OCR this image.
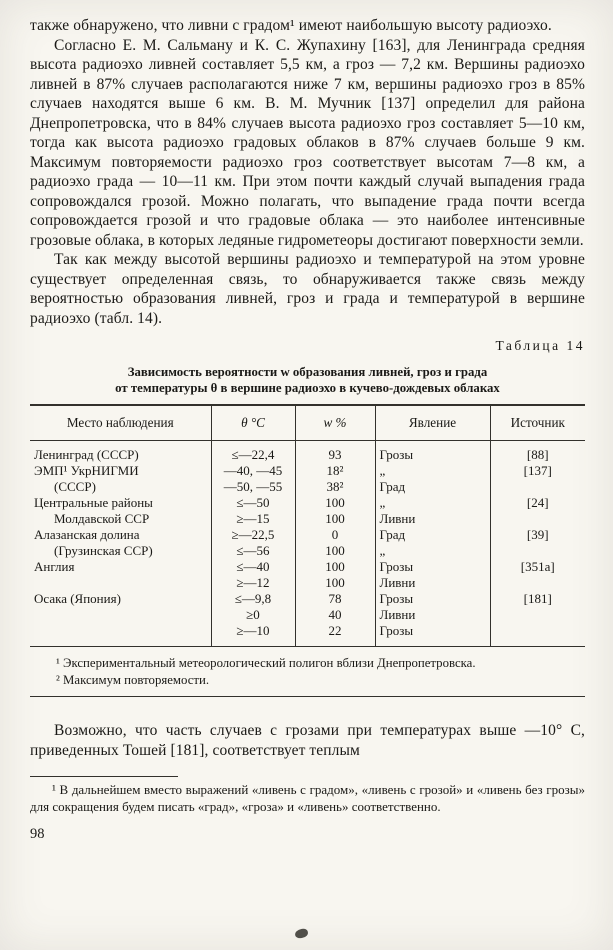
также обнаружено, что ливни с градом¹ имеют наибольшую высоту радиоэхо.

Согласно Е. М. Сальману и К. С. Жупахину [163], для Ленинграда средняя высота радиоэхо ливней составляет 5,5 км, а гроз — 7,2 км. Вершины радиоэхо ливней в 87% случаев располагаются ниже 7 км, вершины радиоэхо гроз в 85% случаев находятся выше 6 км. В. М. Мучник [137] определил для района Днепропетровска, что в 84% случаев высота радиоэхо гроз составляет 5—10 км, тогда как высота радиоэхо градовых облаков в 87% случаев больше 9 км. Максимум повторяемости радиоэхо гроз соответствует высотам 7—8 км, а радиоэхо града — 10—11 км. При этом почти каждый случай выпадения града сопровождался грозой. Можно полагать, что выпадение града почти всегда сопровождается грозой и что градовые облака — это наиболее интенсивные грозовые облака, в которых ледяные гидрометеоры достигают поверхности земли.

Так как между высотой вершины радиоэхо и температурой на этом уровне существует определенная связь, то обнаруживается также связь между вероятностью образования ливней, гроз и града и температурой в вершине радиоэхо (табл. 14).

Таблица 14
Зависимость вероятности w образования ливней, гроз и града
от температуры θ в вершине радиоэхо в кучево-дождевых облаках
Место наблюдения	θ °С	w %	Явление	Источник
Ленинград (СССР)	≤—22,4	93	Грозы	[88]
ЭМП¹ УкрНИГМИ	—40, —45	18²	„	[137]
(СССР)	—50, —55	38²	Град	
Центральные районы	≤—50	100	„	[24]
Молдавской ССР	≥—15	100	Ливни	
Алазанская долина	≥—22,5	0	Град	[39]
(Грузинская ССР)	≤—56	100	„	
Англия	≤—40	100	Грозы	[351а]
	≥—12	100	Ливни	
Осака (Япония)	≤—9,8	78	Грозы	[181]
	≥0	40	Ливни	
	≥—10	22	Грозы	
¹ Экспериментальный метеорологический полигон вблизи Днепропетровска.
² Максимум повторяемости.

Возможно, что часть случаев с грозами при температурах выше —10° С, приведенных Тошей [181], соответствует теплым

¹ В дальнейшем вместо выражений «ливень с градом», «ливень с грозой» и «ливень без грозы» для сокращения будем писать «град», «гроза» и «ливень» соответственно.
98
